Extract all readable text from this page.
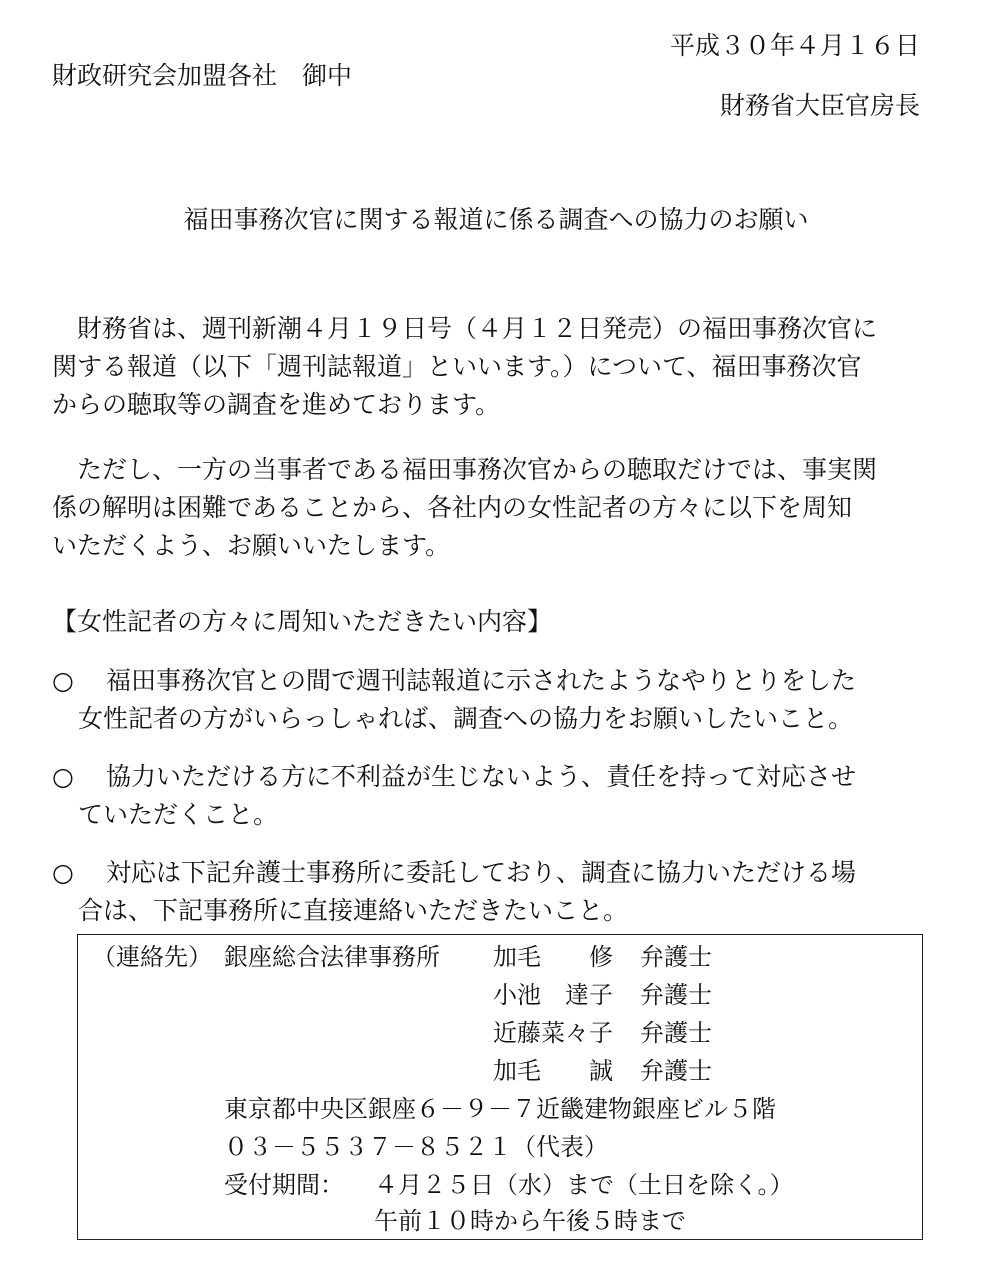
平成３０年４月１６日
財政研究会加盟各社　御中
財務省大臣官房長
福田事務次官に関する報道に係る調査への協力のお願い
財務省は、週刊新潮４月１９日号（４月１２日発売）の福田事務次官に
関する報道（以下「週刊誌報道」といいます。）について、福田事務次官
からの聴取等の調査を進めております。
ただし、一方の当事者である福田事務次官からの聴取だけでは、事実関
係の解明は困難であることから、各社内の女性記者の方々に以下を周知
いただくよう、お願いいたします。
【女性記者の方々に周知いただきたい内容】
○	福田事務次官との間で週刊誌報道に示されたようなやりとりをした
女性記者の方がいらっしゃれば、調査への協力をお願いしたいこと。
○	協力いただける方に不利益が生じないよう、責任を持って対応させ
ていただくこと。
○	対応は下記弁護士事務所に委託しており、調査に協力いただける場
合は、下記事務所に直接連絡いただきたいこと。
（連絡先） 銀座総合法律事務所 加毛　　修 弁護士
小池　達子 弁護士
近藤菜々子 弁護士
加毛　　誠 弁護士
東京都中央区銀座６－９－７近畿建物銀座ビル５階
０３－５５３７－８５２１（代表）
受付期間： ４月２５日（水）まで（土日を除く。）
午前１０時から午後５時まで
